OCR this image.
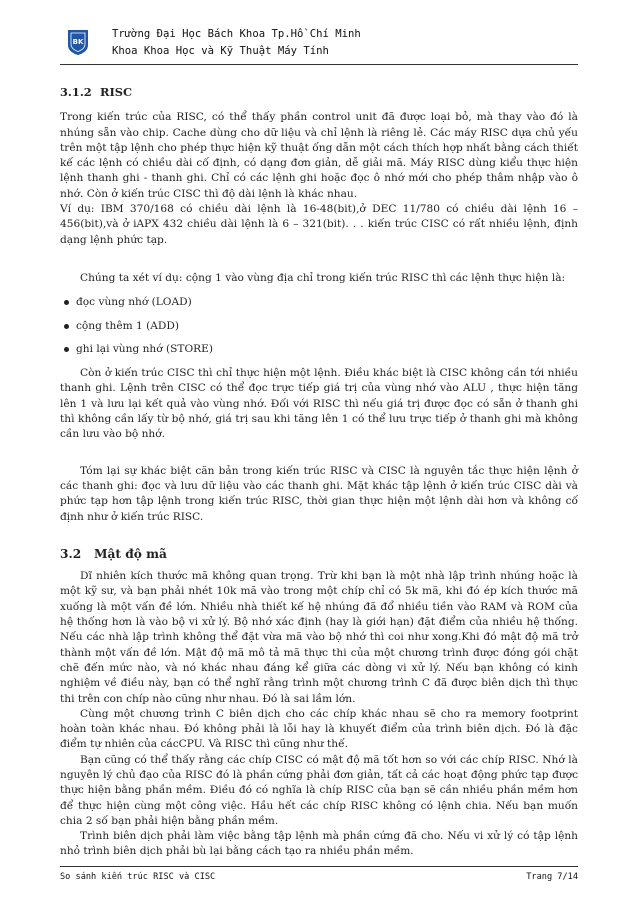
BK
Trường Đại Học Bách Khoa Tp.Hồ Chí Minh
Khoa Khoa Học và Kỹ Thuật Máy Tính
3.1.2 RISC

Trong kiến trúc của RISC, có thể thấy phần control unit đã được loại bỏ, mà thay vào đó là nhúng sẵn vào chip. Cache dùng cho dữ liệu và chỉ lệnh là riêng lẻ. Các máy RISC dựa chủ yếu trên một tập lệnh cho phép thực hiện kỹ thuật ống dẫn một cách thích hợp nhất bằng cách thiết kế các lệnh có chiều dài cố định, có dạng đơn giản, dễ giải mã. Máy RISC dùng kiểu thực hiện lệnh thanh ghi - thanh ghi. Chỉ có các lệnh ghi hoặc đọc ô nhớ mới cho phép thâm nhập vào ô nhớ. Còn ở kiến trúc CISC thì độ dài lệnh là khác nhau.

Ví dụ: IBM 370/168 có chiều dài lệnh là 16-48(bit),ở DEC 11/780 có chiều dài lệnh 16 – 456(bit),và ở iAPX 432 chiều dài lệnh là 6 – 321(bit). . . kiến trúc CISC có rất nhiều lệnh, định dạng lệnh phức tạp.

Chúng ta xét ví dụ: cộng 1 vào vùng địa chỉ trong kiến trúc RISC thì các lệnh thực hiện là:

đọc vùng nhớ (LOAD)
cộng thêm 1 (ADD)
ghi lại vùng nhớ (STORE)

Còn ở kiến trúc CISC thì chỉ thực hiện một lệnh. Điều khác biệt là CISC không cần tới nhiều thanh ghi. Lệnh trên CISC có thể đọc trực tiếp giá trị của vùng nhớ vào ALU , thực hiện tăng lên 1 và lưu lại kết quả vào vùng nhớ. Đối với RISC thì nếu giá trị được đọc có sẵn ở thanh ghi thì không cần lấy từ bộ nhớ, giá trị sau khi tăng lên 1 có thể lưu trực tiếp ở thanh ghi mà không cần lưu vào bộ nhớ.

Tóm lại sự khác biệt căn bản trong kiến trúc RISC và CISC là nguyên tắc thực hiện lệnh ở các thanh ghi: đọc và lưu dữ liệu vào các thanh ghi. Mặt khác tập lệnh ở kiến trúc CISC dài và phức tạp hơn tập lệnh trong kiến trúc RISC, thời gian thực hiện một lệnh dài hơn và không cố định như ở kiến trúc RISC.

3.2 Mật độ mã

Dĩ nhiên kích thước mã không quan trọng. Trừ khi bạn là một nhà lập trình nhúng hoặc là một kỹ sư, và bạn phải nhét 10k mã vào trong một chíp chỉ có 5k mã, khi đó ép kích thước mã xuống là một vấn đề lớn. Nhiều nhà thiết kế hệ nhúng đã đổ nhiều tiền vào RAM và ROM của hệ thống hơn là vào bộ vi xử lý. Bộ nhớ xác định (hay là giới hạn) đặt điểm của nhiều hệ thống. Nếu các nhà lập trình không thể đặt vừa mã vào bộ nhớ thì coi như xong.Khi đó mật độ mã trở thành một vấn đề lớn. Mật độ mã mô tả mã thực thi của một chương trình được đóng gói chặt chẽ đến mức nào, và nó khác nhau đáng kể giữa các dòng vi xử lý. Nếu bạn không có kinh nghiệm về điều này, bạn có thể nghĩ rằng trình một chương trình C đã được biên dịch thì thực thi trên con chíp nào cũng như nhau. Đó là sai lầm lớn.

Cùng một chương trình C biên dịch cho các chíp khác nhau sẽ cho ra memory footprint hoàn toàn khác nhau. Đó không phải là lỗi hay là khuyết điểm của trình biên dịch. Đó là đặc điểm tự nhiên của cácCPU. Và RISC thì cũng như thế.

Bạn cũng có thể thấy rằng các chíp CISC có mật độ mã tốt hơn so với các chíp RISC. Nhớ là nguyên lý chủ đạo của RISC đó là phần cứng phải đơn giản, tất cả các hoạt động phức tạp được thực hiện bằng phần mềm. Điều đó có nghĩa là chíp RISC của bạn sẽ cần nhiều phần mềm hơn để thực hiện cùng một công việc. Hầu hết các chíp RISC không có lệnh chia. Nếu bạn muốn chia 2 số bạn phải hiện bằng phần mềm.

Trình biên dịch phải làm việc bằng tập lệnh mà phần cứng đã cho. Nếu vi xử lý có tập lệnh nhỏ trình biên dịch phải bù lại bằng cách tạo ra nhiều phần mềm.

So sánh kiến trúc RISC và CISC	Trang 7/14
